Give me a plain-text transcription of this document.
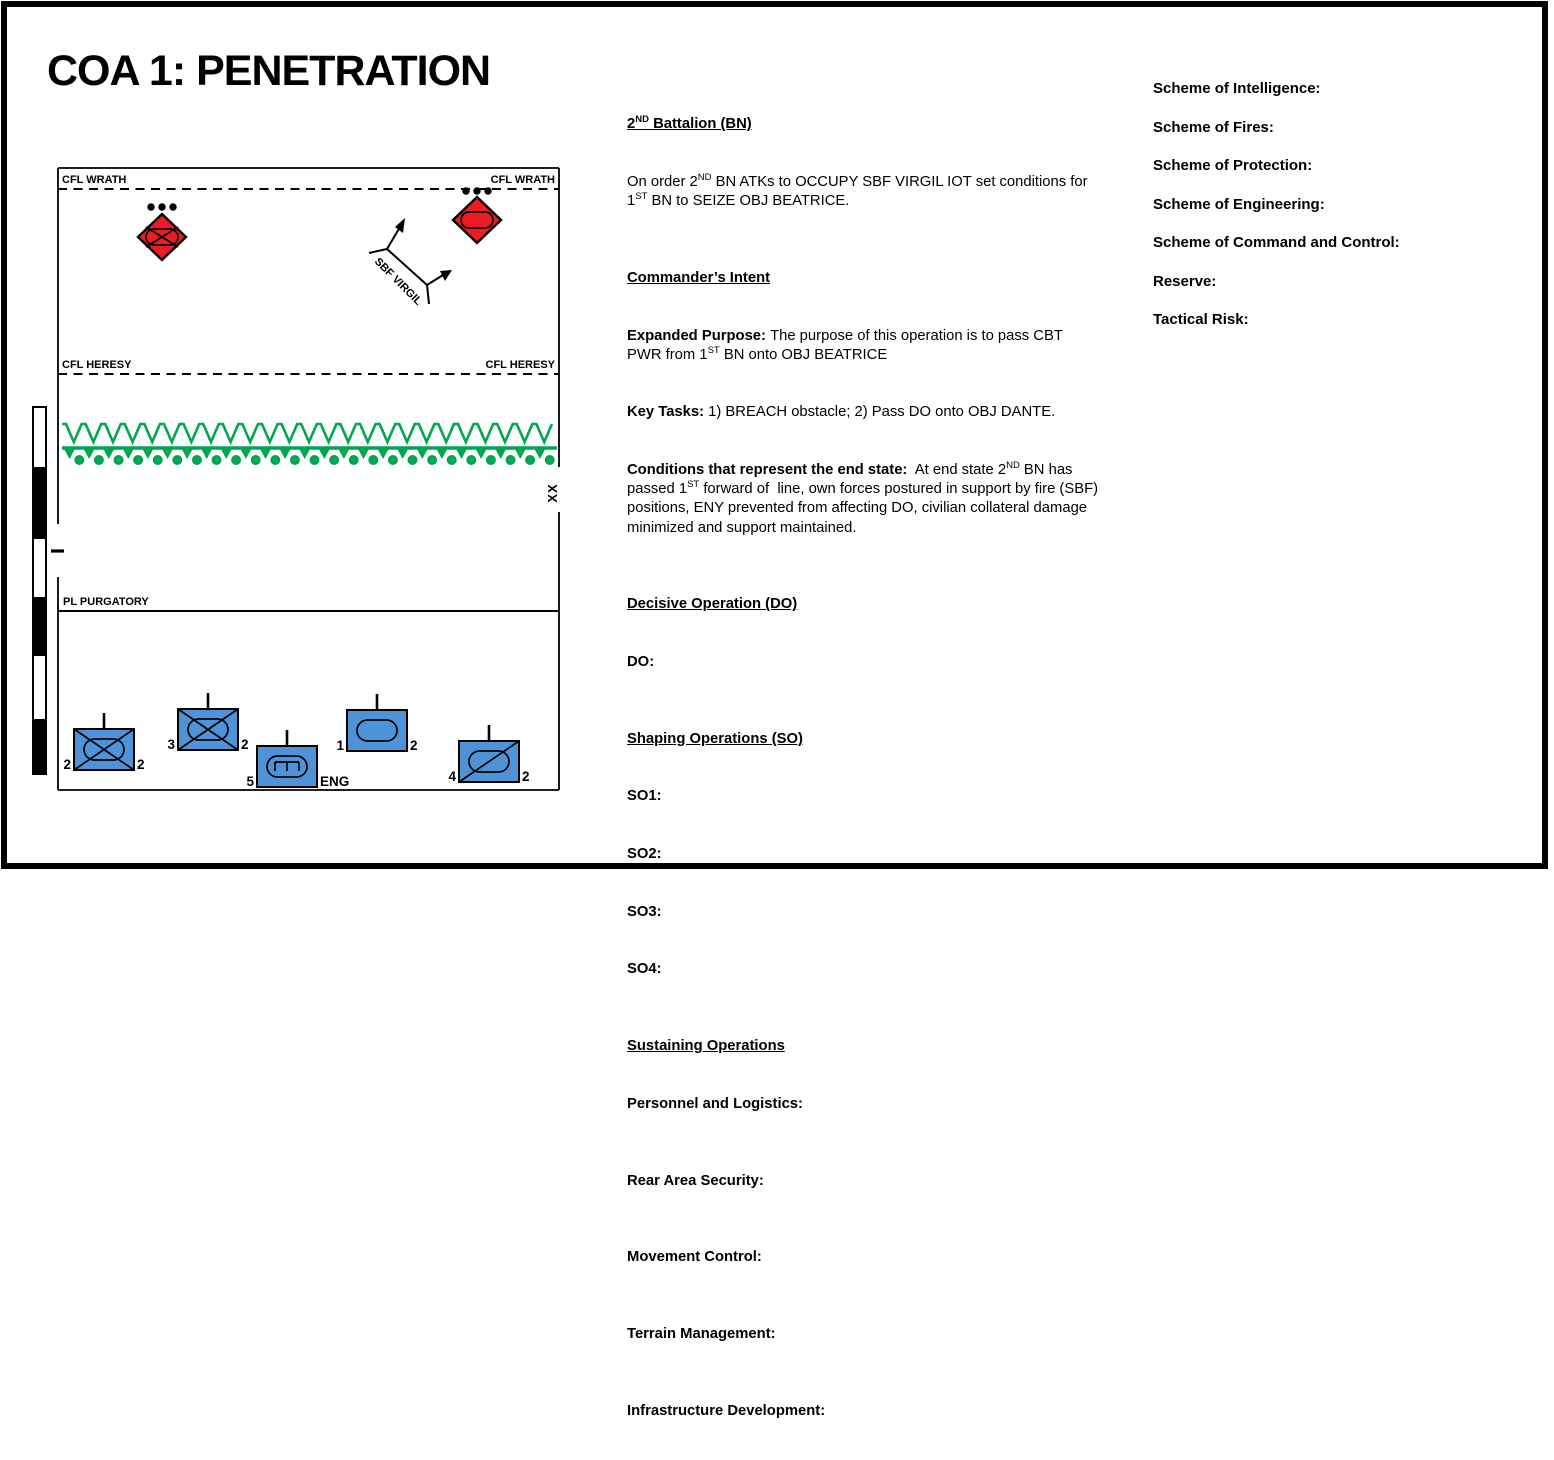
COA 1: PENETRATION
CFL WRATH	CFL WRATH
CFL HERESY	CFL HERESY
PL PURGATORY
XX
SBF VIRGIL
2	2
3	2
5	ENG
1	2
4	2

2ND Battalion (BN)

On order 2ND BN ATKs to OCCUPY SBF VIRGIL IOT set conditions for 1ST BN to SEIZE OBJ BEATRICE.

Commander’s Intent

Expanded Purpose: The purpose of this operation is to pass CBT PWR from 1ST BN onto OBJ BEATRICE

Key Tasks: 1) BREACH obstacle; 2) Pass DO onto OBJ DANTE.

Conditions that represent the end state:  At end state 2ND BN has passed 1ST forward of  line, own forces postured in support by fire (SBF) positions, ENY prevented from affecting DO, civilian collateral damage minimized and support maintained.

Decisive Operation (DO)

DO:

Shaping Operations (SO)

SO1:

SO2:

SO3:

SO4:

Sustaining Operations

Personnel and Logistics:

Rear Area Security:

Movement Control:

Terrain Management:

Infrastructure Development:

Scheme of Intelligence:

Scheme of Fires:

Scheme of Protection:

Scheme of Engineering:

Scheme of Command and Control:

Reserve:

Tactical Risk:
